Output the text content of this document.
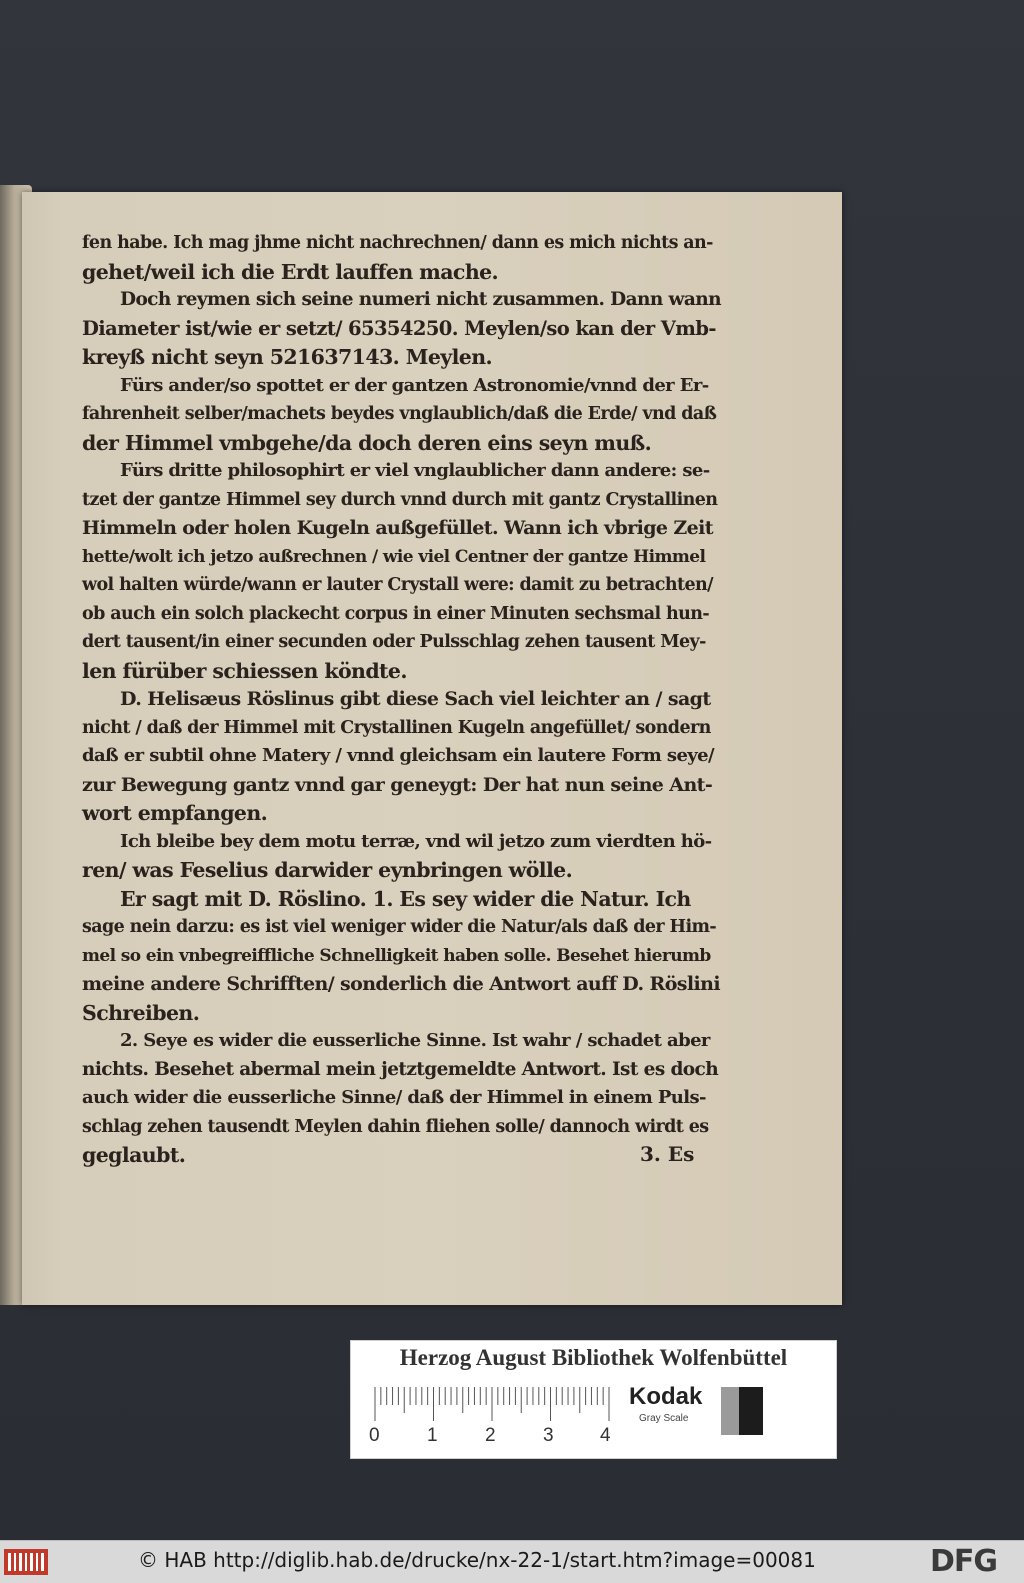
fen habe. Ich mag jhme nicht nachrechnen/ dann es mich nichts an-
gehet/weil ich die Erdt lauffen mache.
Doch reymen sich seine numeri nicht zusammen. Dann wann
Diameter ist/wie er setzt/ 65354250. Meylen/so kan der Vmb-
kreyß nicht seyn 521637143. Meylen.
Fürs ander/so spottet er der gantzen Astronomie/vnnd der Er-
fahrenheit selber/machets beydes vnglaublich/daß die Erde/ vnd daß
der Himmel vmbgehe/da doch deren eins seyn muß.
Fürs dritte philosophirt er viel vnglaublicher dann andere: se-
tzet der gantze Himmel sey durch vnnd durch mit gantz Crystallinen
Himmeln oder holen Kugeln außgefüllet. Wann ich vbrige Zeit
hette/wolt ich jetzo außrechnen / wie viel Centner der gantze Himmel
wol halten würde/wann er lauter Crystall were: damit zu betrachten/
ob auch ein solch plackecht corpus in einer Minuten sechsmal hun-
dert tausent/in einer secunden oder Pulsschlag zehen tausent Mey-
len fürüber schiessen köndte.
D. Helisæus Röslinus gibt diese Sach viel leichter an / sagt
nicht / daß der Himmel mit Crystallinen Kugeln angefüllet/ sondern
daß er subtil ohne Matery / vnnd gleichsam ein lautere Form seye/
zur Bewegung gantz vnnd gar geneygt: Der hat nun seine Ant-
wort empfangen.
Ich bleibe bey dem motu terræ, vnd wil jetzo zum vierdten hö-
ren/ was Feselius darwider eynbringen wölle.
Er sagt mit D. Röslino. 1. Es sey wider die Natur. Ich
sage nein darzu: es ist viel weniger wider die Natur/als daß der Him-
mel so ein vnbegreiffliche Schnelligkeit haben solle. Besehet hierumb
meine andere Schrifften/ sonderlich die Antwort auff D. Röslini
Schreiben.
2. Seye es wider die eusserliche Sinne. Ist wahr / schadet aber
nichts. Besehet abermal mein jetztgemeldte Antwort. Ist es doch
auch wider die eusserliche Sinne/ daß der Himmel in einem Puls-
schlag zehen tausendt Meylen dahin fliehen solle/ dannoch wirdt es
geglaubt.	3. Es
Herzog August Bibliothek Wolfenbüttel
0 1 2 3 4
Kodak
Gray Scale
© HAB http://diglib.hab.de/drucke/nx-22-1/start.htm?image=00081	DFG
